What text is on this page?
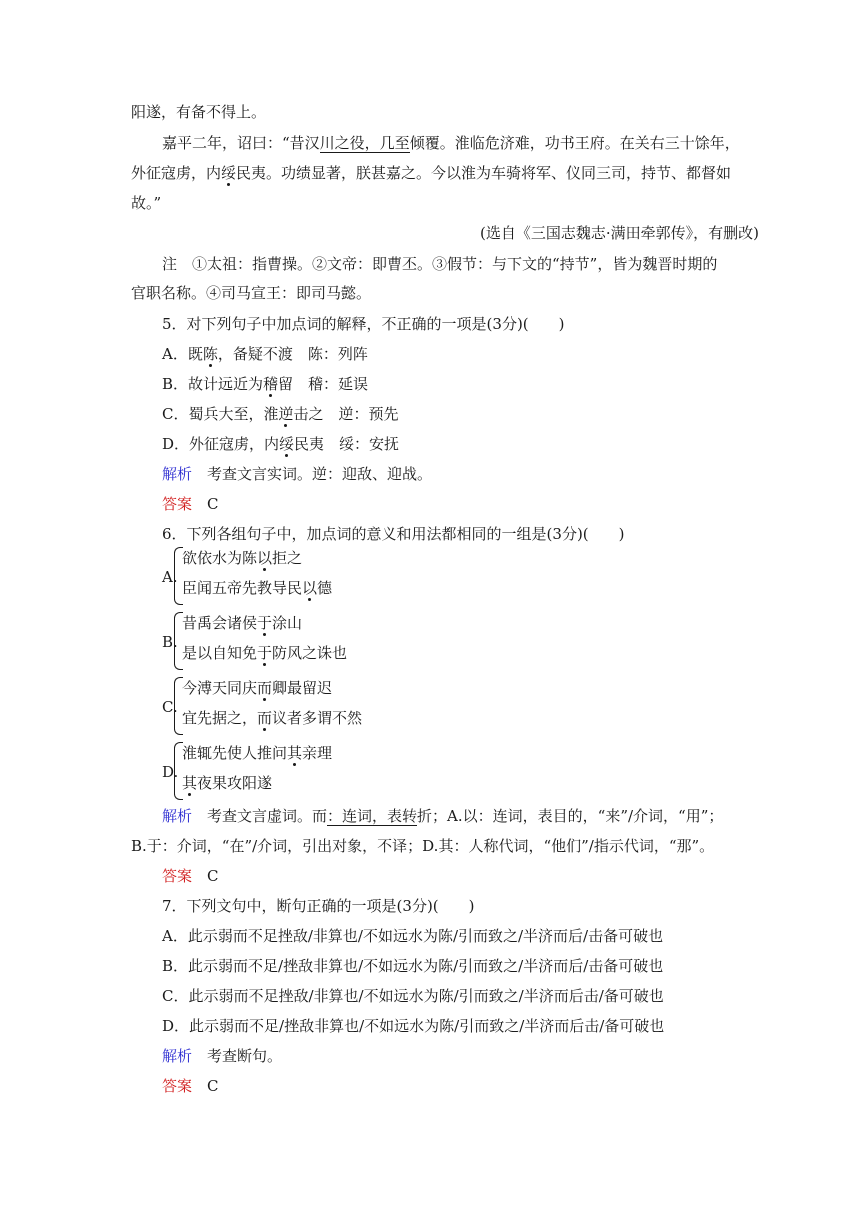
阳遂，有备不得上。
嘉平二年，诏曰：“昔汉川之役，几至倾覆。淮临危济难，功书王府。在关右三十馀年，
外征寇虏，内绥民夷。功绩显著，朕甚嘉之。今以淮为车骑将军、仪同三司，持节、都督如
故。”
(选自《三国志魏志·满田牵郭传》，有删改)
注　①太祖：指曹操。②文帝：即曹丕。③假节：与下文的“持节”，皆为魏晋时期的
官职名称。④司马宣王：即司马懿。
5．对下列句子中加点词的解释，不正确的一项是(3分)(　　)
A．既陈，备疑不渡　陈：列阵
B．故计远近为稽留　稽：延误
C．蜀兵大至，淮逆击之　逆：预先
D．外征寇虏，内绥民夷　绥：安抚
解析　考查文言实词。逆：迎敌、迎战。
答案　C
6．下列各组句子中，加点词的意义和用法都相同的一组是(3分)(　　)
A.
欲依水为陈以拒之
臣闻五帝先教导民以德
B.
昔禹会诸侯于涂山
是以自知免于防风之诛也
C.
今溥天同庆而卿最留迟
宜先据之，而议者多谓不然
D.
淮辄先使人推问其亲理
其夜果攻阳遂
解析　考查文言虚词。而：连词，表转折；A.以：连词，表目的，“来”/介词，“用”；
B.于：介词，“在”/介词，引出对象，不译；D.其：人称代词，“他们”/指示代词，“那”。
答案　C
7．下列文句中，断句正确的一项是(3分)(　　)
A．此示弱而不足挫敌/非算也/不如远水为陈/引而致之/半济而后/击备可破也
B．此示弱而不足/挫敌非算也/不如远水为陈/引而致之/半济而后/击备可破也
C．此示弱而不足挫敌/非算也/不如远水为陈/引而致之/半济而后击/备可破也
D．此示弱而不足/挫敌非算也/不如远水为陈/引而致之/半济而后击/备可破也
解析　考查断句。
答案　C
